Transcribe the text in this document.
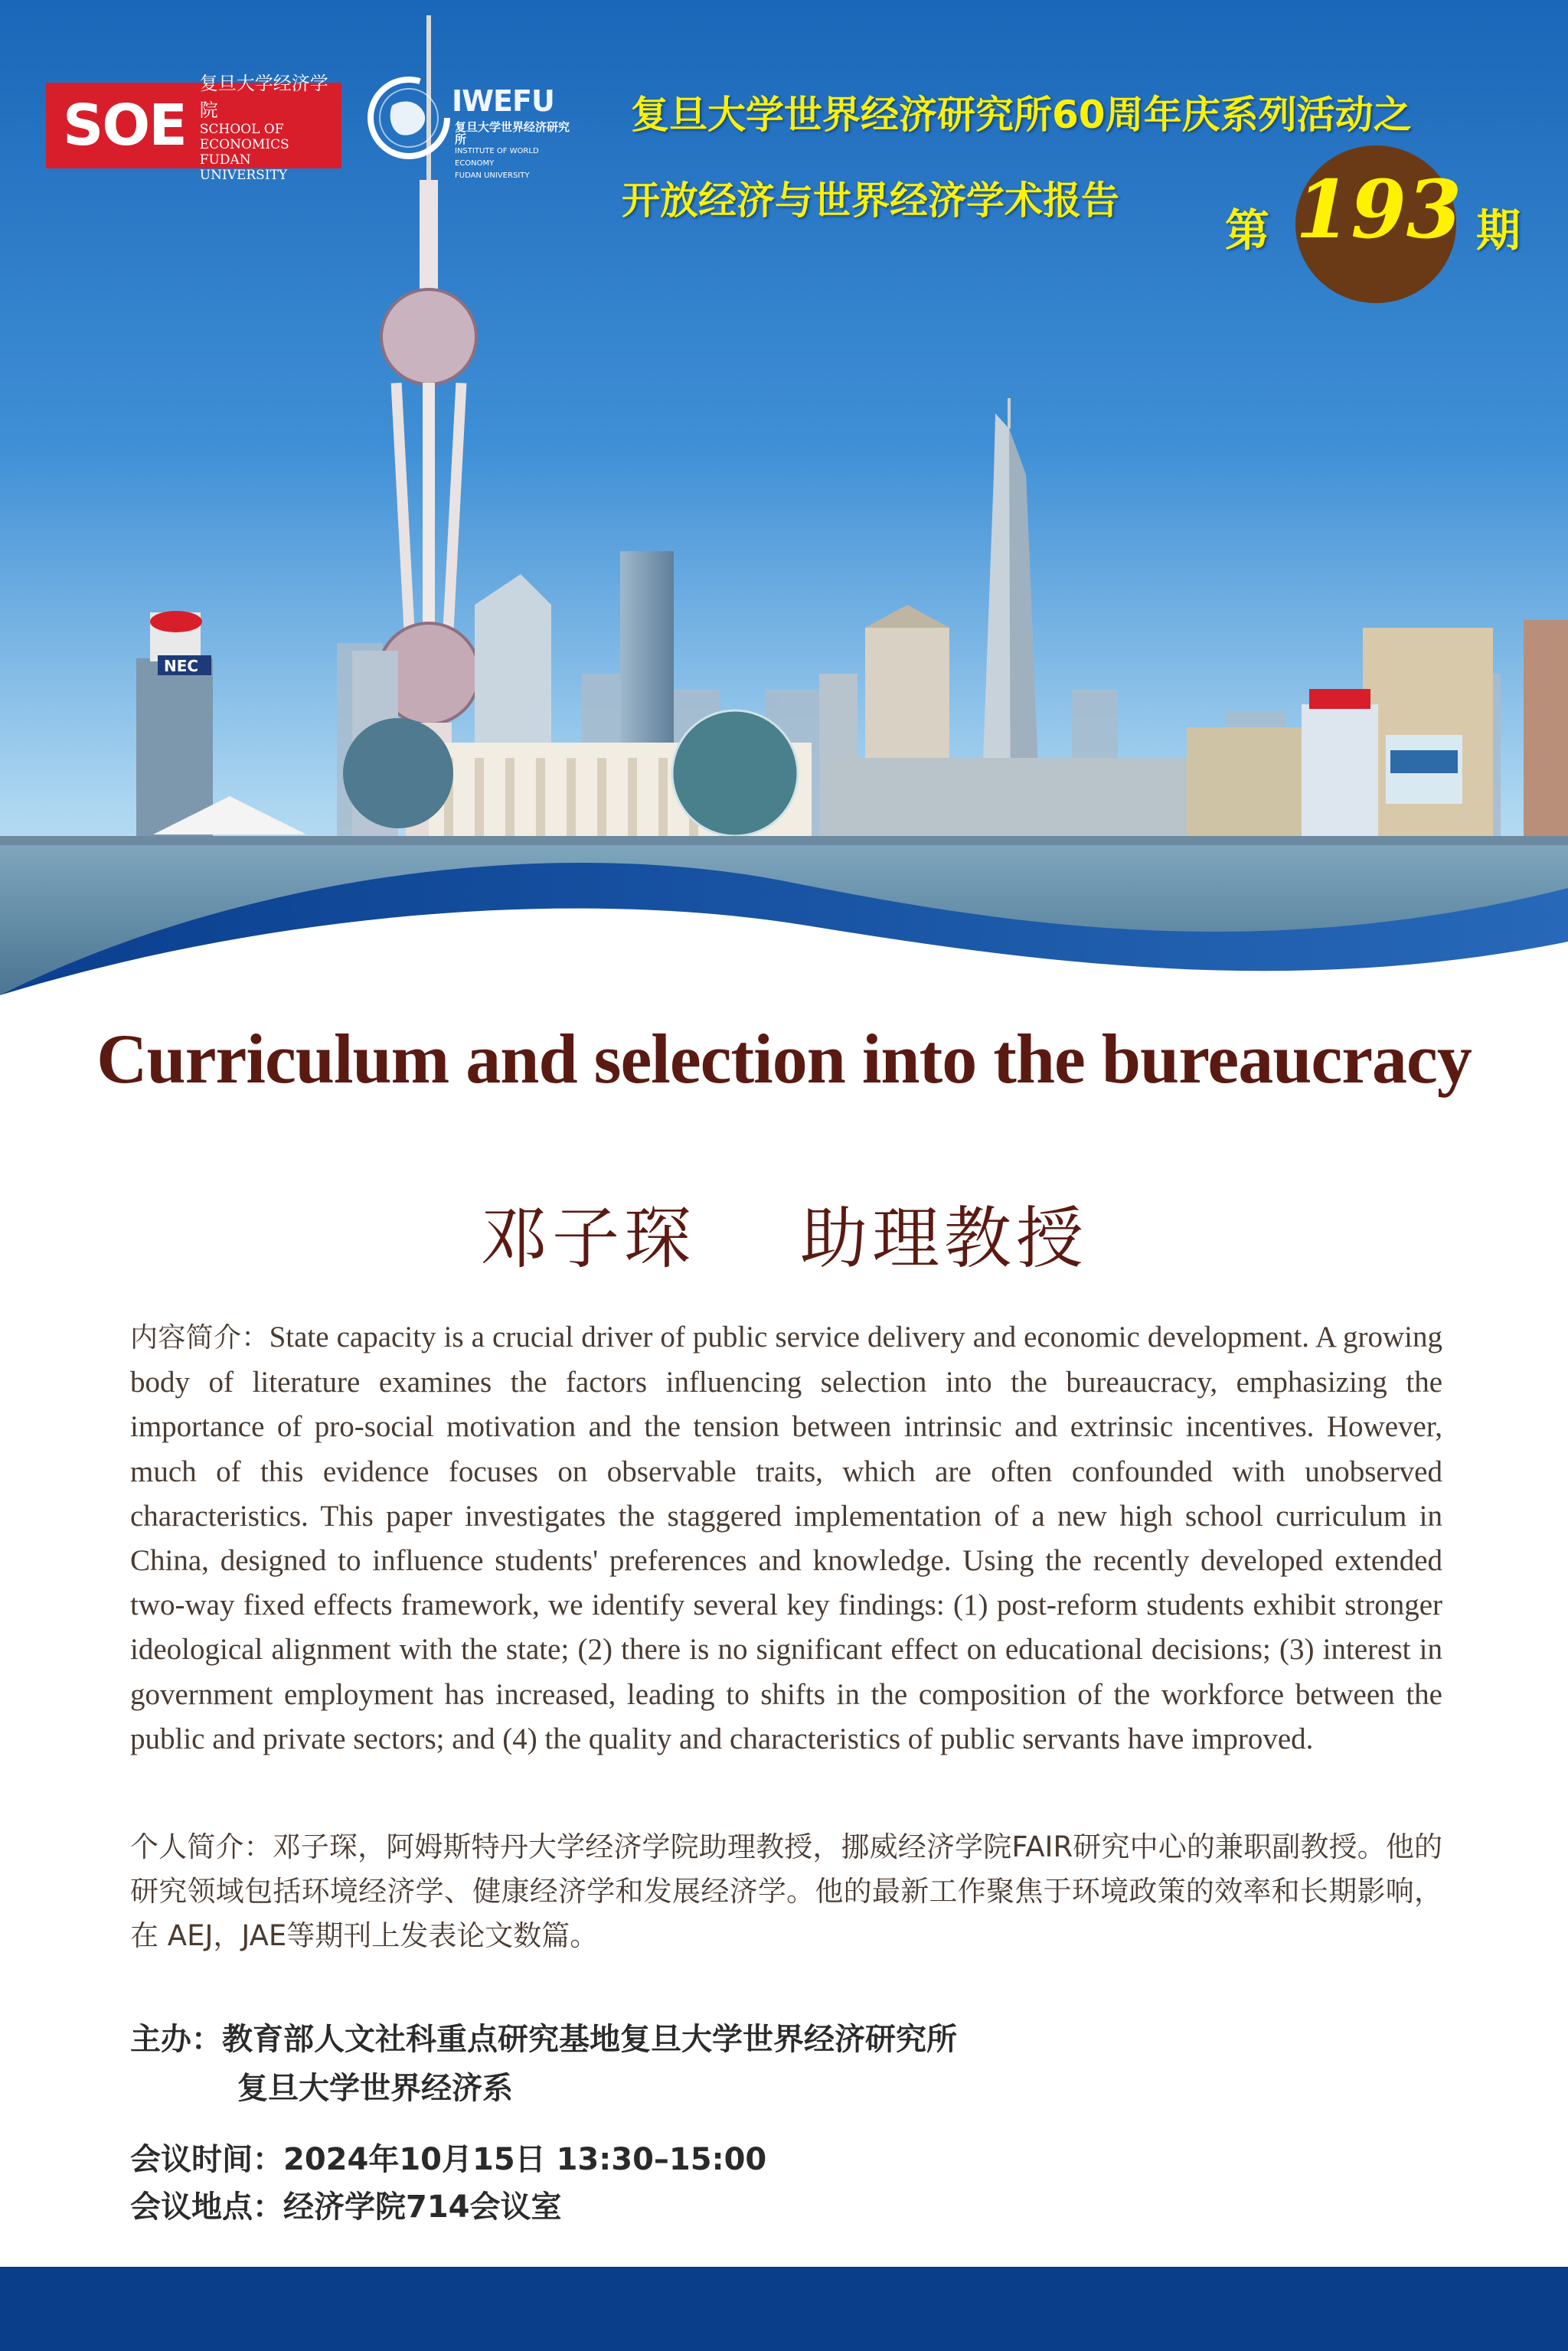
NEC
SOE
复旦大学经济学院
SCHOOL OF ECONOMICS
FUDAN UNIVERSITY
IWEFU
复旦大学世界经济研究所
INSTITUTE OF WORLD ECONOMY
FUDAN UNIVERSITY
复旦大学世界经济研究所60周年庆系列活动之
开放经济与世界经济学术报告
第 193 期
Curriculum and selection into the bureaucracy
邓子琛    助理教授
内容简介：State capacity is a crucial driver of public service delivery and economic development. A growing body of literature examines the factors influencing selection into the bureaucracy, emphasizing the importance of pro-social motivation and the tension between intrinsic and extrinsic incentives. However, much of this evidence focuses on observable traits, which are often confounded with unobserved characteristics. This paper investigates the staggered implementation of a new high school curriculum in China, designed to influence students' preferences and knowledge. Using the recently developed extended two-way fixed effects framework, we identify several key findings: (1) post-reform students exhibit stronger ideological alignment with the state; (2) there is no significant effect on educational decisions; (3) interest in government employment has increased, leading to shifts in the composition of the workforce between the public and private sectors; and (4) the quality and characteristics of public servants have improved.
个人简介：邓子琛，阿姆斯特丹大学经济学院助理教授，挪威经济学院FAIR研究中心的兼职副教授。他的研究领域包括环境经济学、健康经济学和发展经济学。他的最新工作聚焦于环境政策的效率和长期影响，在 AEJ，JAE等期刊上发表论文数篇。
主办：教育部人文社科重点研究基地复旦大学世界经济研究所
复旦大学世界经济系
会议时间：2024年10月15日 13:30–15:00
会议地点：经济学院714会议室
